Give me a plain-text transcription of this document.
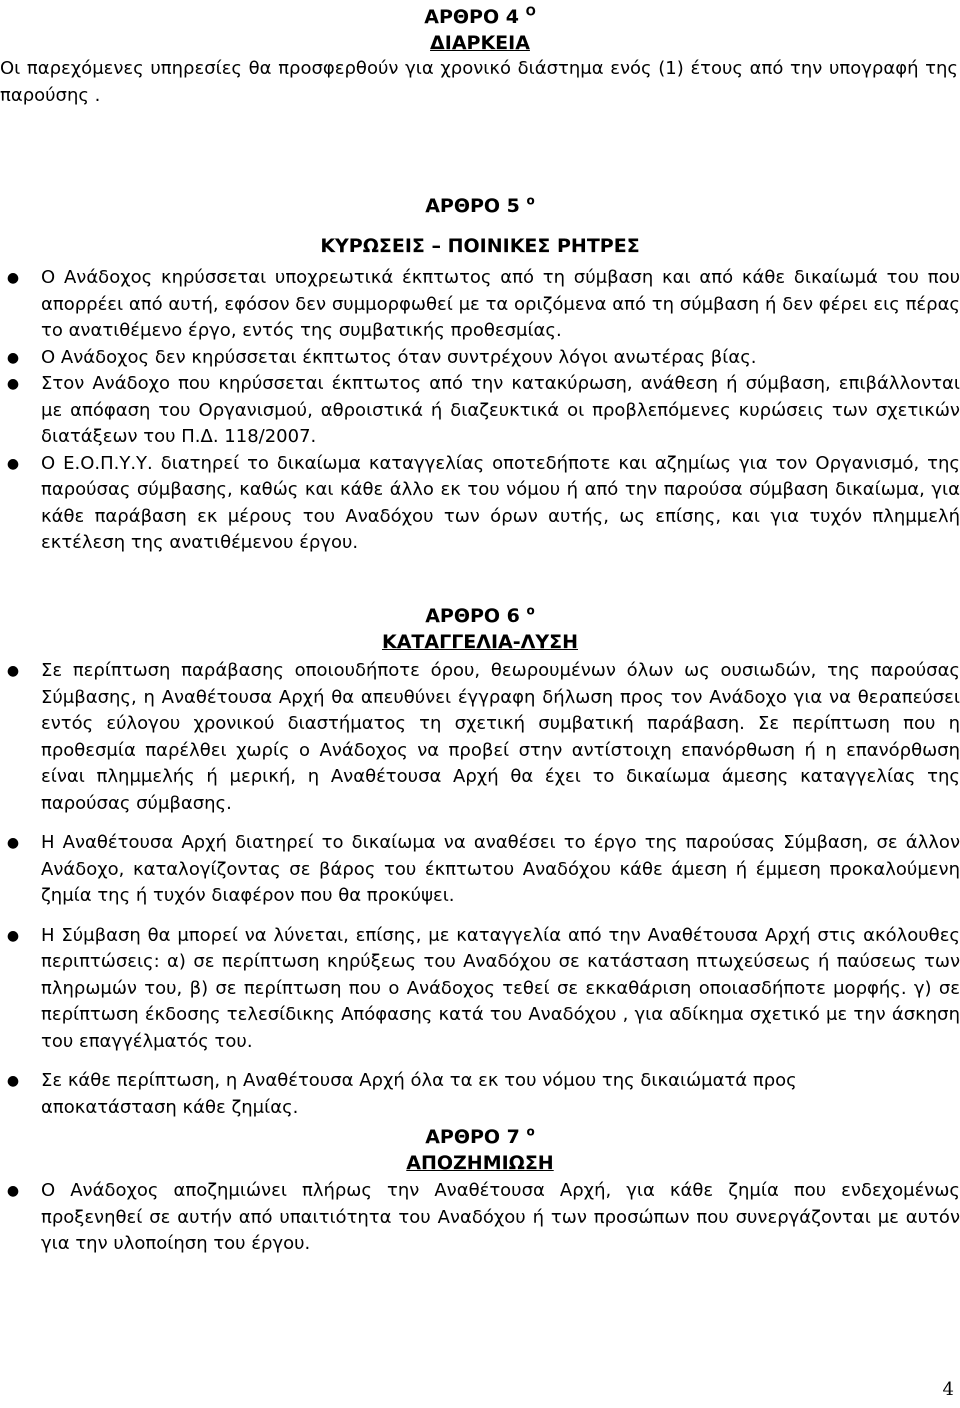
ΑΡΘΡΟ 4 $^O$
ΔΙΑΡΚΕΙΑ

Οι παρεχόμενες υπηρεσίες θα προσφερθούν για χρονικό διάστημα ενός (1) έτους από την υπογραφή της παρούσης .

ΑΡΘΡΟ 5 $^o$
ΚΥΡΩΣΕΙΣ – ΠΟΙΝΙΚΕΣ ΡΗΤΡΕΣ
● Ο Ανάδοχος κηρύσσεται υποχρεωτικά έκπτωτος από τη σύμβαση και από κάθε δικαίωμά του που απορρέει από αυτή, εφόσον δεν συμμορφωθεί με τα οριζόμενα από τη σύμβαση ή δεν φέρει εις πέρας το ανατιθέμενο έργο, εντός της συμβατικής προθεσμίας.
● Ο Ανάδοχος δεν κηρύσσεται έκπτωτος όταν συντρέχουν λόγοι ανωτέρας βίας.
● Στον Ανάδοχο που κηρύσσεται έκπτωτος από την κατακύρωση, ανάθεση ή σύμβαση, επιβάλλονται με απόφαση του Οργανισμού, αθροιστικά ή διαζευκτικά οι προβλεπόμενες κυρώσεις των σχετικών διατάξεων του Π.Δ. 118/2007.
● Ο Ε.Ο.Π.Υ.Υ. διατηρεί το δικαίωμα καταγγελίας οποτεδήποτε και αζημίως για τον Οργανισμό, της παρούσας σύμβασης, καθώς και κάθε άλλο εκ του νόμου ή από την παρούσα σύμβαση δικαίωμα, για κάθε παράβαση εκ μέρους του Αναδόχου των όρων αυτής, ως επίσης, και για τυχόν πλημμελή εκτέλεση της ανατιθέμενου έργου.
ΑΡΘΡΟ 6 $^o$
ΚΑΤΑΓΓΕΛΙΑ-ΛΥΣΗ
● Σε περίπτωση παράβασης οποιουδήποτε όρου, θεωρουμένων όλων ως ουσιωδών, της παρούσας Σύμβασης, η Αναθέτουσα Αρχή θα απευθύνει έγγραφη δήλωση προς τον Ανάδοχο για να θεραπεύσει εντός εύλογου χρονικού διαστήματος τη σχετική συμβατική παράβαση. Σε περίπτωση που η προθεσμία παρέλθει χωρίς ο Ανάδοχος να προβεί στην αντίστοιχη επανόρθωση ή η επανόρθωση είναι πλημμελής ή μερική, η Αναθέτουσα Αρχή θα έχει το δικαίωμα άμεσης καταγγελίας της παρούσας σύμβασης.
● Η Αναθέτουσα Αρχή διατηρεί το δικαίωμα να αναθέσει το έργο της παρούσας Σύμβαση, σε άλλον Ανάδοχο, καταλογίζοντας σε βάρος του έκπτωτου Αναδόχου κάθε άμεση ή έμμεση προκαλούμενη ζημία της ή τυχόν διαφέρον που θα προκύψει.
● Η Σύμβαση θα μπορεί να λύνεται, επίσης, με καταγγελία από την Αναθέτουσα Αρχή στις ακόλουθες περιπτώσεις: α) σε περίπτωση κηρύξεως του Αναδόχου σε κατάσταση πτωχεύσεως ή παύσεως των πληρωμών του, β) σε περίπτωση που ο Ανάδοχος τεθεί σε εκκαθάριση οποιασδήποτε μορφής. γ) σε περίπτωση έκδοσης τελεσίδικης Απόφασης κατά του Αναδόχου , για αδίκημα σχετικό με την άσκηση του επαγγέλματός του.
● Σε κάθε περίπτωση, η Αναθέτουσα Αρχή όλα τα εκ του νόμου της δικαιώματά προς αποκατάσταση κάθε ζημίας.
ΑΡΘΡΟ 7 $^o$
ΑΠΟΖΗΜΙΩΣΗ
● Ο Ανάδοχος αποζημιώνει πλήρως την Αναθέτουσα Αρχή, για κάθε ζημία που ενδεχομένως προξενηθεί σε αυτήν από υπαιτιότητα του Αναδόχου ή των προσώπων που συνεργάζονται με αυτόν για την υλοποίηση του έργου.
4
